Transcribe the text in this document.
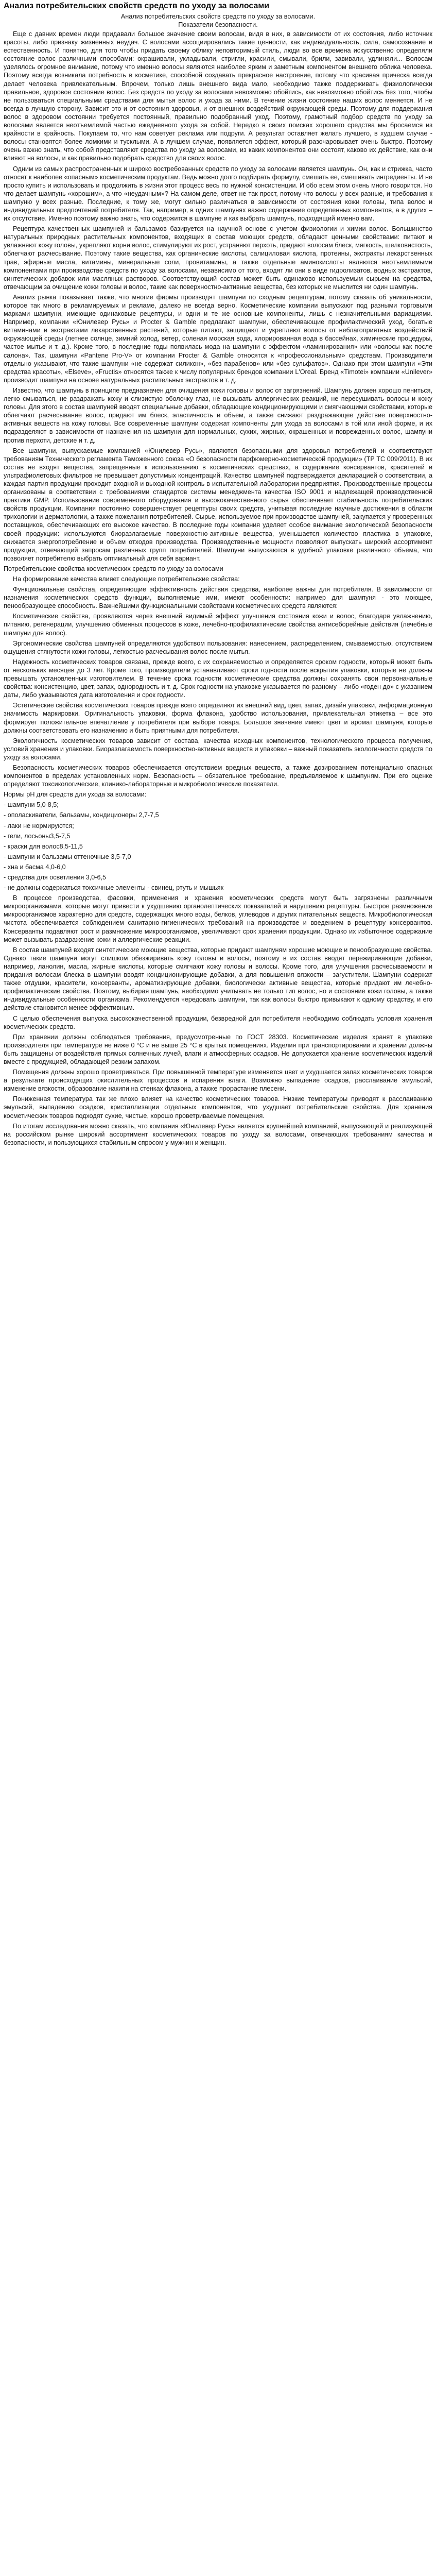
Анализ потребительских свойств средств по уходу за волосами

Анализ потребительских свойств средств по уходу за волосами.

Показатели безопасности.

Еще с давних времен люди придавали большое значение своим волосам, видя в них, в зависимости от их состояния, либо источник красоты, либо признаку жизненных неудач. С волосами ассоциировались такие ценности, как индивидуальность, сила, самосознание и естественность. И понятно, для того чтобы придать своему облику неповторимый стиль, люди во все времена искусственно определяли состояние волос различными способами: окрашивали, укладывали, стригли, красили, смывали, брили, завивали, удлиняли... Волосам уделялось огромное внимание, потому что именно волосы являются наиболее ярким и заметным компонентом внешнего облика человека. Поэтому всегда возникала потребность в косметике, способной создавать прекрасное настроение, потому что красивая прическа всегда делает человека привлекательным. Впрочем, только лишь внешнего вида мало, необходимо также поддерживать физиологически правильное, здоровое состояние волос. Без средств по уходу за волосами невозможно обойтись, как невозможно обойтись без того, чтобы не пользоваться специальными средствами для мытья волос и ухода за ними. В течение жизни состояние наших волос меняется. И не всегда в лучшую сторону. Зависит это и от состояния здоровья, и от внешних воздействий окружающей среды. Поэтому для поддержания волос в здоровом состоянии требуется постоянный, правильно подобранный уход. Поэтому, грамотный подбор средств по уходу за волосами является неотъемлемой частью ежедневного ухода за собой. Нередко в своих поисках хорошего средства мы бросаемся из крайности в крайность. Покупаем то, что нам советует реклама или подруги. А результат оставляет желать лучшего, в худшем случае - волосы становятся более ломкими и тусклыми. А в лучшем случае, появляется эффект, который разочаровывает очень быстро. Поэтому очень важно знать, что собой представляют средства по уходу за волосами, из каких компонентов они состоят, каково их действие, как они влияют на волосы, и как правильно подобрать средство для своих волос.

Одним из самых распространенных и широко востребованных средств по уходу за волосами является шампунь. Он, как и стрижка, часто относят к наиболее «опасным» косметическим продуктам. Ведь можно долго подбирать формулу, смешать ее, смешивать ингредиенты. И не просто купить и использовать и продолжить в жизни этот процесс весь по нужной консистенции. И обо всем этом очень много говорится. Но что делает шампунь «хорошим», а что «неудачным»? На самом деле, ответ не так прост, потому что волосы у всех разные, и требования к шампуню у всех разные. Последние, к тому же, могут сильно различаться в зависимости от состояния кожи головы, типа волос и индивидуальных предпочтений потребителя. Так, например, в одних шампунях важно содержание определенных компонентов, а в других – их отсутствие. Именно поэтому важно знать, что содержится в шампуне и как выбрать шампунь, подходящий именно вам.

Рецептура качественных шампуней и бальзамов базируется на научной основе с учетом физиологии и химии волос. Большинство натуральных природных растительных компонентов, входящих в состав моющих средств, обладают ценными свойствами: питают и увлажняют кожу головы, укрепляют корни волос, стимулируют их рост, устраняют перхоть, придают волосам блеск, мягкость, шелковистость, облегчают расчесывание. Поэтому такие вещества, как органические кислоты, салициловая кислота, протеины, экстракты лекарственных трав, эфирные масла, витамины, минеральные соли, провитамины, а также отдельные аминокислоты являются неотъемлемыми компонентами при производстве средств по уходу за волосами, независимо от того, входят ли они в виде гидролизатов, водных экстрактов, синтетических добавок или масляных растворов. Соответствующий состав может быть одинаково используемым сырьем на средства, отвечающим за очищение кожи головы и волос, такие как поверхностно-активные вещества, без которых не мыслится ни один шампунь.

Анализ рынка показывает также, что многие фирмы производят шампуни по сходным рецептурам, потому сказать об уникальности, которое так много в рекламируемых и рекламе, далеко не всегда верно. Косметические компании выпускают под разными торговыми марками шампуни, имеющие одинаковые рецептуры, и одни и те же основные компоненты, лишь с незначительными вариациями. Например, компании «Юнилевер Русь» и Procter & Gamble предлагают шампуни, обеспечивающие профилактический уход, богатые витаминами и экстрактами лекарственных растений, которые питают, защищают и укрепляют волосы от неблагоприятных воздействий окружающей среды (летнее солнце, зимний холод, ветер, соленая морская вода, хлорированная вода в бассейнах, химические процедуры, частое мытье и т. д.). Кроме того, в последние годы появилась мода на шампуни с эффектом «ламинирования» или «волосы как после салона». Так, шампуни «Pantene Pro-V» от компании Procter & Gamble относятся к «профессиональным» средствам. Производители отдельно указывают, что такие шампуни «не содержат силикон», «без парабенов» или «без сульфатов». Однако при этом шампуни «Эти средства красоты», «Elseve», «Fructis» относятся также к числу популярных брендов компании L'Oreal. Бренд «Timotei» компании «Unilever» производит шампуни на основе натуральных растительных экстрактов и т. д.

Известно, что шампунь в принципе предназначен для очищения кожи головы и волос от загрязнений. Шампунь должен хорошо пениться, легко смываться, не раздражать кожу и слизистую оболочку глаз, не вызывать аллергических реакций, не пересушивать волосы и кожу головы. Для этого в состав шампуней вводят специальные добавки, обладающие кондиционирующими и смягчающими свойствами, которые облегчают расчесывание волос, придают им блеск, эластичность и объем, а также снижают раздражающее действие поверхностно-активных веществ на кожу головы. Все современные шампуни содержат компоненты для ухода за волосами в той или иной форме, и их подразделяют в зависимости от назначения на шампуни для нормальных, сухих, жирных, окрашенных и поврежденных волос, шампуни против перхоти, детские и т. д.

Все шампуни, выпускаемые компанией «Юнилевер Русь», являются безопасными для здоровья потребителей и соответствуют требованиям Технического регламента Таможенного союза «О безопасности парфюмерно-косметической продукции» (ТР ТС 009/2011). В их состав не входят вещества, запрещенные к использованию в косметических средствах, а содержание консервантов, красителей и ультрафиолетовых фильтров не превышает допустимых концентраций. Качество шампуней подтверждается декларацией о соответствии, а каждая партия продукции проходит входной и выходной контроль в испытательной лаборатории предприятия. Производственные процессы организованы в соответствии с требованиями стандартов системы менеджмента качества ISO 9001 и надлежащей производственной практики GMP. Использование современного оборудования и высококачественного сырья обеспечивает стабильность потребительских свойств продукции. Компания постоянно совершенствует рецептуры своих средств, учитывая последние научные достижения в области трихологии и дерматологии, а также пожелания потребителей. Сырье, используемое при производстве шампуней, закупается у проверенных поставщиков, обеспечивающих его высокое качество. В последние годы компания уделяет особое внимание экологической безопасности своей продукции: используются биоразлагаемые поверхностно-активные вещества, уменьшается количество пластика в упаковке, снижается энергопотребление и объем отходов производства. Производственные мощности позволяют выпускать широкий ассортимент продукции, отвечающий запросам различных групп потребителей. Шампуни выпускаются в удобной упаковке различного объема, что позволяет потребителю выбрать оптимальный для себя вариант.

Потребительские свойства косметических средств по уходу за волосами

На формирование качества влияет следующие потребительские свойства:

Функциональные свойства, определяющие эффективность действия средства, наиболее важны для потребителя. В зависимости от назначения косметических средств функции, выполняемые ими, имеют особенности: например для шампуня - это моющее, пенообразующее способность. Важнейшими функциональными свойствами косметических средств являются:

Косметические свойства, проявляются через внешний видимый эффект улучшения состояния кожи и волос, благодаря увлажнению, питанию, регенерации, улучшению обменных процессов в коже, лечебно-профилактические свойства антисеборейные действия (лечебные шампуни для волос).

Эргономические свойства шампуней определяются удобством пользования: нанесением, распределением, смываемостью, отсутствием ощущения стянутости кожи головы, легкостью расчесывания волос после мытья.

Надежность косметических товаров связана, прежде всего, с их сохраняемостью и определяется сроком годности, который может быть от нескольких месяцев до 3 лет. Кроме того, производители устанавливают сроки годности после вскрытия упаковки, которые не должны превышать установленных изготовителем. В течение срока годности косметические средства должны сохранять свои первоначальные свойства: консистенцию, цвет, запах, однородность и т. д. Срок годности на упаковке указывается по-разному – либо «годен до» с указанием даты, либо указываются дата изготовления и срок годности.

Эстетические свойства косметических товаров прежде всего определяют их внешний вид, цвет, запах, дизайн упаковки, информационную значимость маркировки. Оригинальность упаковки, форма флакона, удобство использования, привлекательная этикетка – все это формирует положительное впечатление у потребителя при выборе товара. Большое значение имеют цвет и аромат шампуня, которые должны соответствовать его назначению и быть приятными для потребителя.

Экологичность косметических товаров зависит от состава, качества исходных компонентов, технологического процесса получения, условий хранения и упаковки. Биоразлагаемость поверхностно-активных веществ и упаковки – важный показатель экологичности средств по уходу за волосами.

Безопасность косметических товаров обеспечивается отсутствием вредных веществ, а также дозированием потенциально опасных компонентов в пределах установленных норм. Безопасность – обязательное требование, предъявляемое к шампуням. При его оценке определяют токсикологические, клинико-лабораторные и микробиологические показатели.

Нормы рН для средств для ухода за волосами:

- шампуни 5,0-8,5;

- ополаскиватели, бальзамы, кондиционеры 2,7-7,5

- лаки не нормируются;

- гели, лосьоны3,5-7,5

- краски для волос8,5-11,5

- шампуни и бальзамы оттеночные 3,5-7,0

- хна и басма 4,0-6,0

- средства для осветления 3,0-6,5

- не должны содержаться токсичные элементы - свинец, ртуть и мышьяк

В процессе производства, фасовки, применения и хранения косметических средств могут быть загрязнены различными микроорганизмами, которые могут привести к ухудшению органолептических показателей и нарушению рецептуры. Быстрое размножение микроорганизмов характерно для средств, содержащих много воды, белков, углеводов и других питательных веществ. Микробиологическая чистота обеспечивается соблюдением санитарно-гигиенических требований на производстве и введением в рецептуру консервантов. Консерванты подавляют рост и размножение микроорганизмов, увеличивают срок хранения продукции. Однако их избыточное содержание может вызывать раздражение кожи и аллергические реакции.

В состав шампуней входят синтетические моющие вещества, которые придают шампуням хорошие моющие и пенообразующие свойства. Однако такие шампуни могут слишком обезжиривать кожу головы и волосы, поэтому в их состав вводят пережиривающие добавки, например, ланолин, масла, жирные кислоты, которые смягчают кожу головы и волосы. Кроме того, для улучшения расчесываемости и придания волосам блеска в шампуни вводят кондиционирующие добавки, а для повышения вязкости – загустители. Шампуни содержат также отдушки, красители, консерванты, ароматизирующие добавки, биологически активные вещества, которые придают им лечебно-профилактические свойства. Поэтому, выбирая шампунь, необходимо учитывать не только тип волос, но и состояние кожи головы, а также индивидуальные особенности организма. Рекомендуется чередовать шампуни, так как волосы быстро привыкают к одному средству, и его действие становится менее эффективным.

С целью обеспечения выпуска высококачественной продукции, безвредной для потребителя необходимо соблюдать условия хранения косметических средств.

При хранении должны соблюдаться требования, предусмотренные по ГОСТ 28303. Косметические изделия хранят в упаковке производителя при температуре не ниже 0 °С и не выше 25 °С в крытых помещениях. Изделия при транспортировании и хранении должны быть защищены от воздействия прямых солнечных лучей, влаги и атмосферных осадков. Не допускается хранение косметических изделий вместе с продукцией, обладающей резким запахом.

Помещения должны хорошо проветриваться. При повышенной температуре изменяется цвет и ухудшается запах косметических товаров а результате происходящих окислительных процессов и испарения влаги. Возможно выпадение осадков, расслаивание эмульсий, изменение вязкости, образование накипи на стенках флакона, а также прорастание плесени.

Пониженная температура так же плохо влияет на качество косметических товаров. Низкие температуры приводят к расслаиванию эмульсий, выпадению осадков, кристаллизации отдельных компонентов, что ухудшает потребительские свойства. Для хранения косметических товаров подходят сухие, чистые, хорошо проветриваемые помещения.

По итогам исследования можно сказать, что компания «Юнилевер Русь» является крупнейшей компанией, выпускающей и реализующей на российском рынке широкий ассортимент косметических товаров по уходу за волосами, отвечающих требованиям качества и безопасности, и пользующихся стабильным спросом у мужчин и женщин.
